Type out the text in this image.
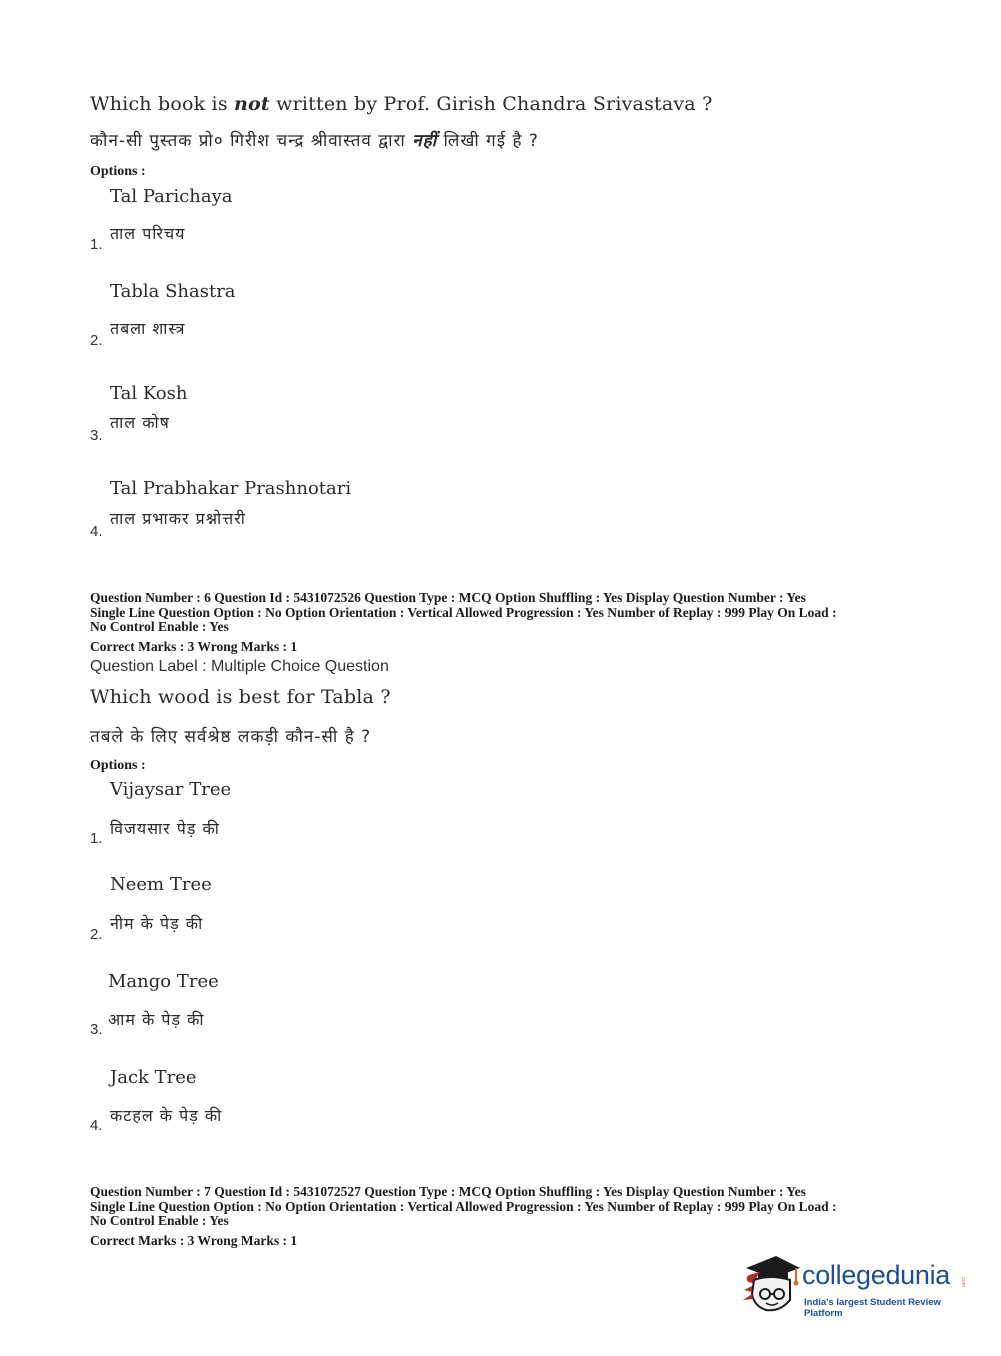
Which book is not written by Prof. Girish Chandra Srivastava ?
कौन-सी पुस्तक प्रो० गिरीश चन्द्र श्रीवास्तव द्वारा नहीं लिखी गई है ?
Options :
Tal Parichaya
ताल परिचय
1.
Tabla Shastra
तबला शास्त्र
2.
Tal Kosh
ताल कोष
3.
Tal Prabhakar Prashnotari
ताल प्रभाकर प्रश्नोत्तरी
4.
Question Number : 6 Question Id : 5431072526 Question Type : MCQ Option Shuffling : Yes Display Question Number : Yes
Single Line Question Option : No Option Orientation : Vertical Allowed Progression : Yes Number of Replay : 999 Play On Load :
No Control Enable : Yes
Correct Marks : 3 Wrong Marks : 1
Question Label : Multiple Choice Question
Which wood is best for Tabla ?
तबले के लिए सर्वश्रेष्ठ लकड़ी कौन-सी है ?
Options :
Vijaysar Tree
विजयसार पेड़ की
1.
Neem Tree
नीम के पेड़ की
2.
Mango Tree
आम के पेड़ की
3.
Jack Tree
कटहल के पेड़ की
4.
Question Number : 7 Question Id : 5431072527 Question Type : MCQ Option Shuffling : Yes Display Question Number : Yes
Single Line Question Option : No Option Orientation : Vertical Allowed Progression : Yes Number of Replay : 999 Play On Load :
No Control Enable : Yes
Correct Marks : 3 Wrong Marks : 1
collegedunia .com
India's largest Student Review Platform
